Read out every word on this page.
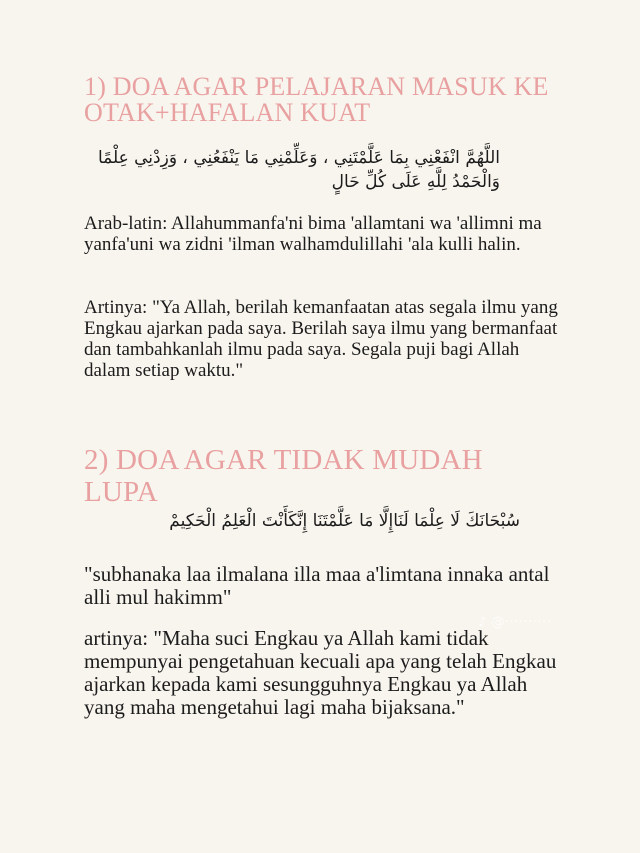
1) DOA AGAR PELAJARAN MASUK KE OTAK+HAFALAN KUAT

اللَّهُمَّ انْفَعْنِي بِمَا عَلَّمْتَنِي ، وَعَلِّمْنِي مَا يَنْفَعُنِي ، وَزِدْنِي عِلْمًا وَالْحَمْدُ لِلَّهِ عَلَى كُلِّ حَالٍ

Arab-latin: Allahummanfa'ni bima 'allamtani wa 'allimni ma yanfa'uni wa zidni 'ilman walhamdulillahi 'ala kulli halin.

Artinya: "Ya Allah, berilah kemanfaatan atas segala ilmu yang Engkau ajarkan pada saya. Berilah saya ilmu yang bermanfaat dan tambahkanlah ilmu pada saya. Segala puji bagi Allah dalam setiap waktu."

2) DOA AGAR TIDAK MUDAH LUPA

سُبْحَانَكَ لَا عِلْمَا لَنَاإِلَّا مَا عَلَّمْتَنَا إِنَّكَأَنْتَ الْعَلِمُ الْحَكِيمْ

"subhanaka laa ilmalana illa maa a'limtana innaka antal alli mul hakimm"

artinya: "Maha suci Engkau ya Allah kami tidak mempunyai pengetahuan kecuali apa yang telah Engkau ajarkan kepada kami sesungguhnya Engkau ya Allah yang maha mengetahui lagi maha bijaksana."

♪ @‧‧‧‧‧‧‧‧‧‧
